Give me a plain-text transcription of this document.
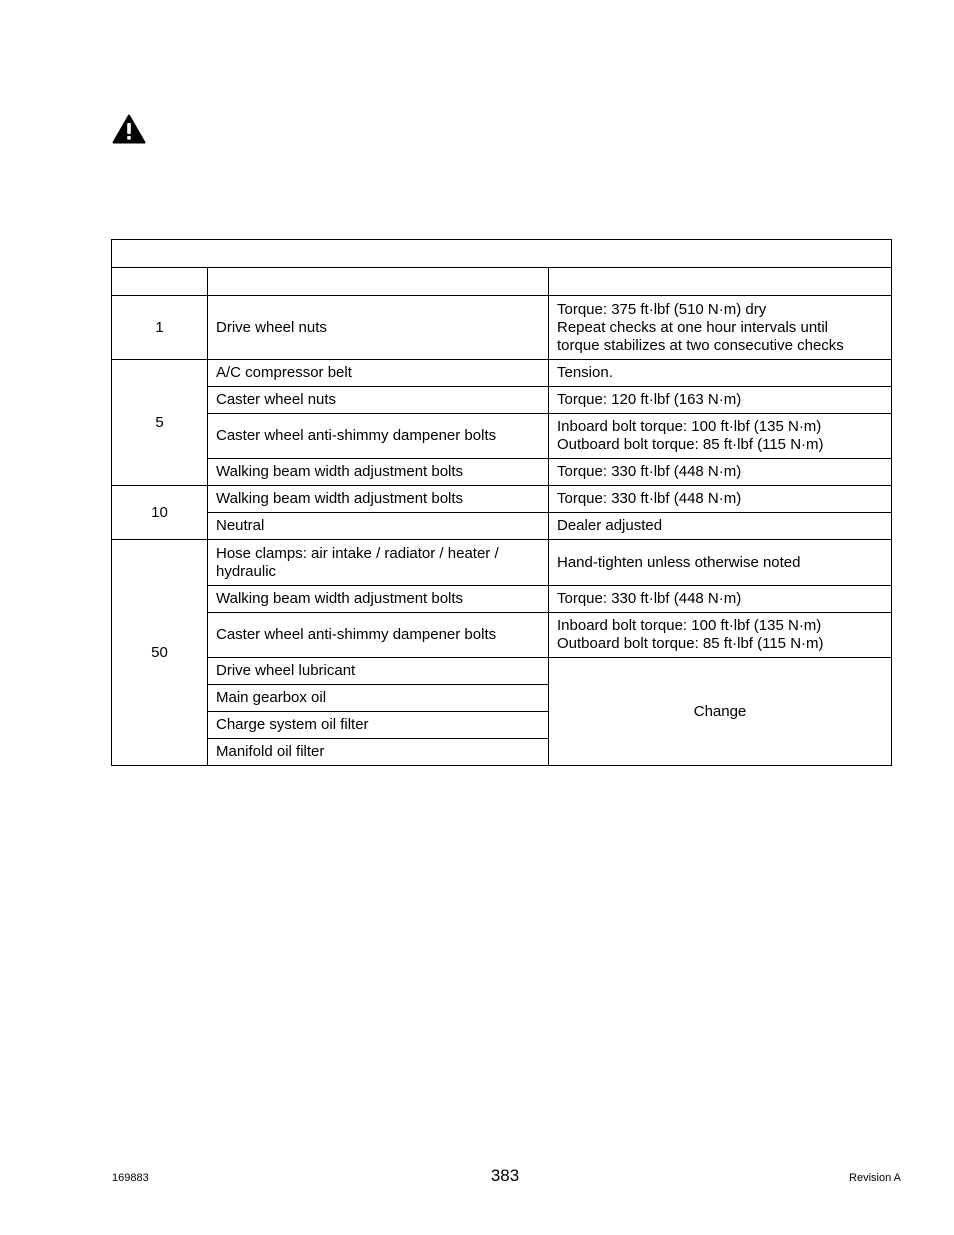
1	Drive wheel nuts	Torque: 375 ft·lbf (510 N·m) dry
Repeat checks at one hour intervals until
torque stabilizes at two consecutive checks

5	A/C compressor belt	Tension.

	Caster wheel nuts	Torque: 120 ft·lbf (163 N·m)

	Caster wheel anti-shimmy dampener bolts	Inboard bolt torque: 100 ft·lbf (135 N·m)
Outboard bolt torque: 85 ft·lbf (115 N·m)

	Walking beam width adjustment bolts	Torque: 330 ft·lbf (448 N·m)

10	Walking beam width adjustment bolts	Torque: 330 ft·lbf (448 N·m)

	Neutral	Dealer adjusted

50	Hose clamps: air intake / radiator / heater /
hydraulic	Hand-tighten unless otherwise noted

	Walking beam width adjustment bolts	Torque: 330 ft·lbf (448 N·m)

	Caster wheel anti-shimmy dampener bolts	Inboard bolt torque: 100 ft·lbf (135 N·m)
Outboard bolt torque: 85 ft·lbf (115 N·m)

	Drive wheel lubricant	Change

	Main gearbox oil	

	Charge system oil filter	

	Manifold oil filter	
169883	383	Revision A
